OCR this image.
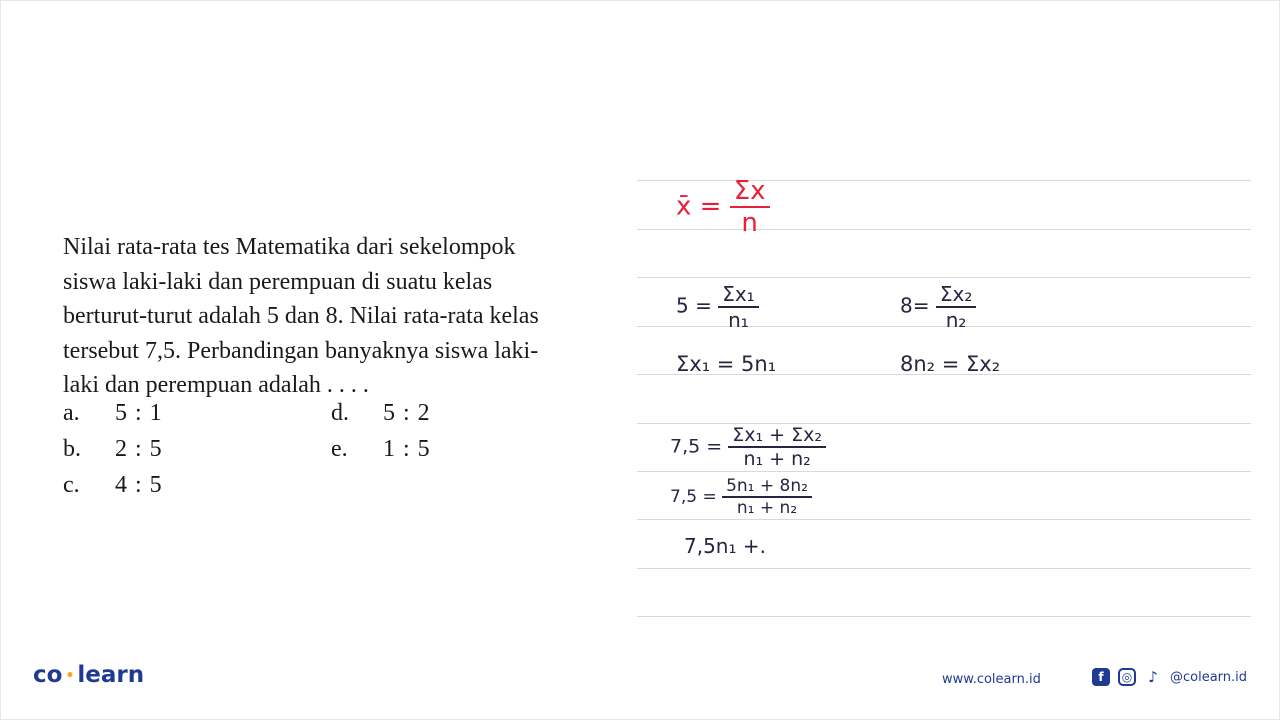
Nilai rata-rata tes Matematika dari sekelompok
siswa laki-laki dan perempuan di suatu kelas
berturut-turut adalah 5 dan 8. Nilai rata-rata kelas
tersebut 7,5. Perbandingan banyaknya siswa laki-
laki dan perempuan adalah . . . .
a. 5 : 1
b. 2 : 5
c. 4 : 5
d. 5 : 2
e. 1 : 5
x̄ = $\frac{\Sigma x}{n}$
$5 = \frac{\text{Σx₁}}{\text{n₁}}$	$8= \frac{\text{Σx₂}}{\text{n₂}}$
Σx₁ = 5n₁	8n₂ = Σx₂
$7,5 = \frac{\text{Σx₁ + Σx₂}}{\text{n₁ + n₂}}$
$7,5 = \frac{\text{5n₁ + 8n₂}}{\text{n₁ + n₂}}$
7,5n₁ +.
co • learn	www.colearn.id	f	◎ ♪ @colearn.id
